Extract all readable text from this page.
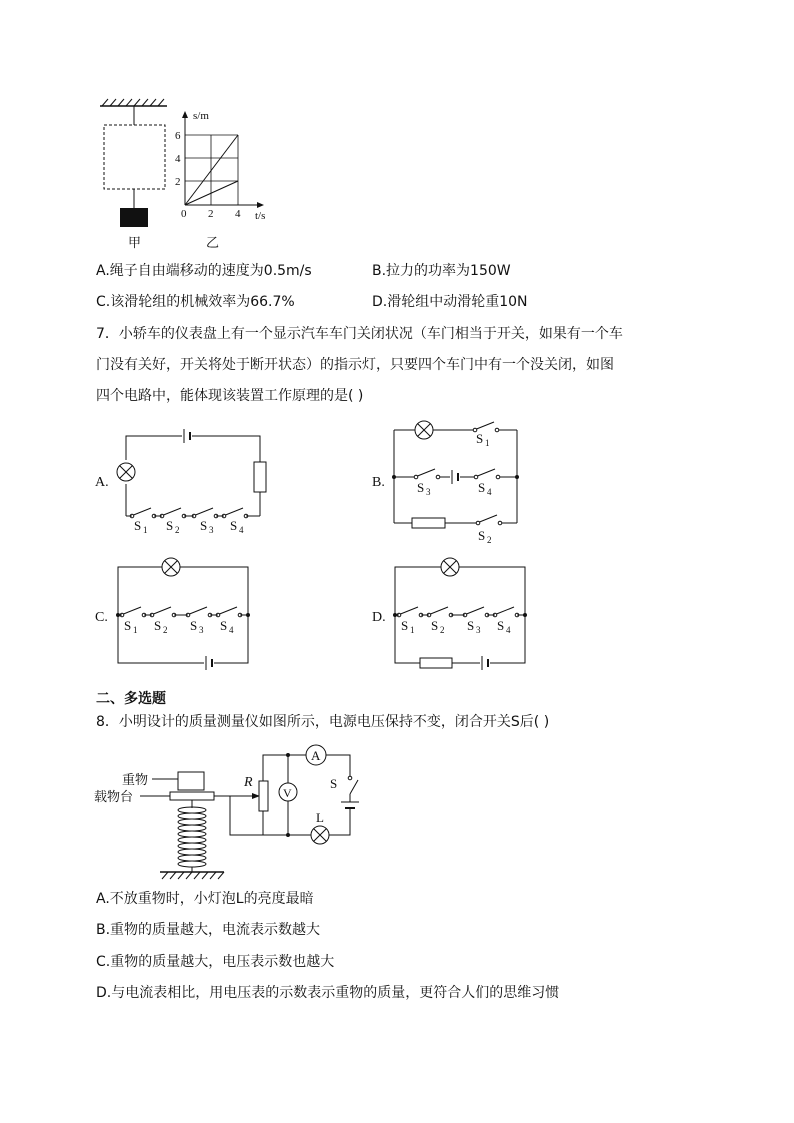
甲
s/m
6
4
2
0 2 4 t/s
乙
A.绳子自由端移动的速度为0.5m/s	B.拉力的功率为150W
C.该滑轮组的机械效率为66.7%	D.滑轮组中动滑轮重10N
7．小轿车的仪表盘上有一个显示汽车车门关闭状况（车门相当于开关，如果有一个车
门没有关好，开关将处于断开状态）的指示灯，只要四个车门中有一个没关闭，如图
四个电路中，能体现该装置工作原理的是( )
A.
S 1 S 2 S 3 S 4
B.
S 1
S 3	S 4
S 2
C.
S 1 S 2 S 3 S 4
D.
S 1 S 2 S 3 S 4
二、多选题
8．小明设计的质量测量仪如图所示，电源电压保持不变，闭合开关S后( )
重物
载物台
R
A
V
S
L
A.不放重物时，小灯泡L的亮度最暗
B.重物的质量越大，电流表示数越大
C.重物的质量越大，电压表示数也越大
D.与电流表相比，用电压表的示数表示重物的质量，更符合人们的思维习惯
